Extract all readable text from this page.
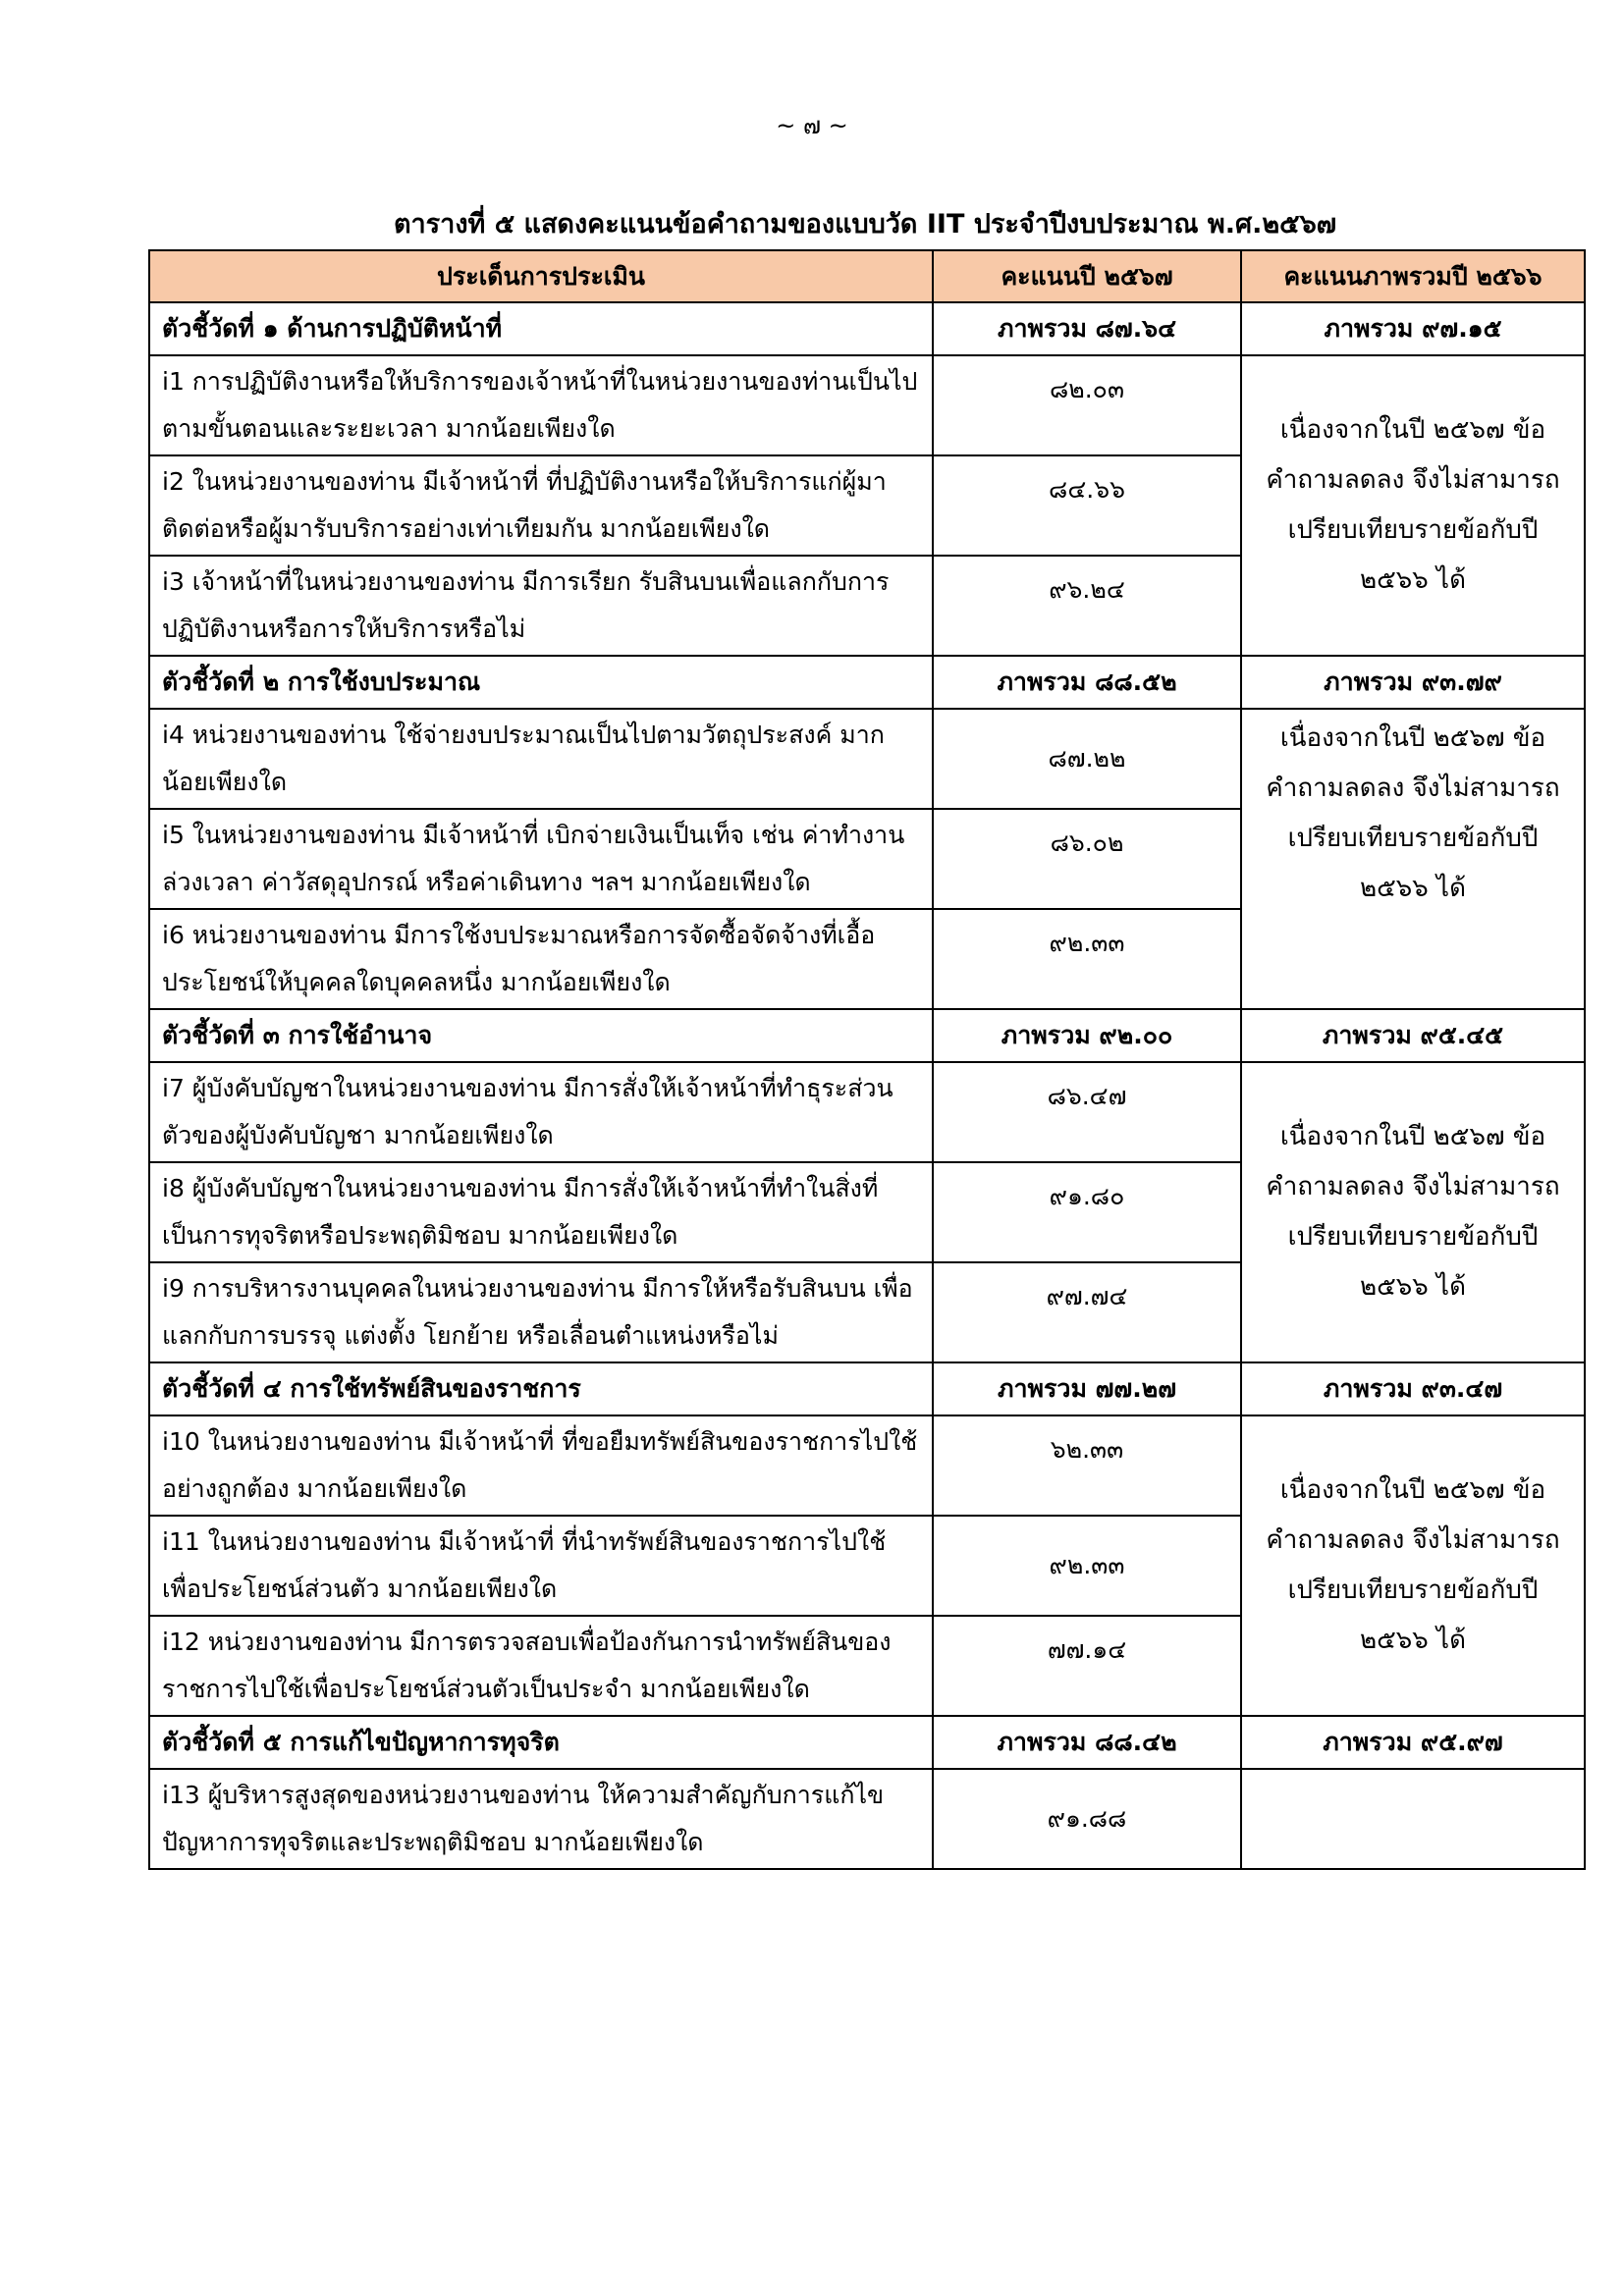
~ ๗ ~
ตารางที่ ๕ แสดงคะแนนข้อคำถามของแบบวัด IIT ประจำปีงบประมาณ พ.ศ.๒๕๖๗
ประเด็นการประเมิน	คะแนนปี ๒๕๖๗	คะแนนภาพรวมปี ๒๕๖๖
ตัวชี้วัดที่ ๑ ด้านการปฏิบัติหน้าที่	ภาพรวม ๘๗.๖๔	ภาพรวม ๙๗.๑๕
i1 การปฏิบัติงานหรือให้บริการของเจ้าหน้าที่ในหน่วยงานของท่านเป็นไปตามขั้นตอนและระยะเวลา มากน้อยเพียงใด	๘๒.๐๓	เนื่องจากในปี ๒๕๖๗ ข้อคำถามลดลง จึงไม่สามารถเปรียบเทียบรายข้อกับปี ๒๕๖๖ ได้
i2 ในหน่วยงานของท่าน มีเจ้าหน้าที่ ที่ปฏิบัติงานหรือให้บริการแก่ผู้มาติดต่อหรือผู้มารับบริการอย่างเท่าเทียมกัน มากน้อยเพียงใด	๘๔.๖๖	
i3 เจ้าหน้าที่ในหน่วยงานของท่าน มีการเรียก รับสินบนเพื่อแลกกับการปฏิบัติงานหรือการให้บริการหรือไม่	๙๖.๒๔	
ตัวชี้วัดที่ ๒ การใช้งบประมาณ	ภาพรวม ๘๘.๕๒	ภาพรวม ๙๓.๗๙
i4 หน่วยงานของท่าน ใช้จ่ายงบประมาณเป็นไปตามวัตถุประสงค์ มากน้อยเพียงใด	๘๗.๒๒	เนื่องจากในปี ๒๕๖๗ ข้อคำถามลดลง จึงไม่สามารถเปรียบเทียบรายข้อกับปี ๒๕๖๖ ได้
i5 ในหน่วยงานของท่าน มีเจ้าหน้าที่ เบิกจ่ายเงินเป็นเท็จ เช่น ค่าทำงานล่วงเวลา ค่าวัสดุอุปกรณ์ หรือค่าเดินทาง ฯลฯ มากน้อยเพียงใด	๘๖.๐๒	
i6 หน่วยงานของท่าน มีการใช้งบประมาณหรือการจัดซื้อจัดจ้างที่เอื้อประโยชน์ให้บุคคลใดบุคคลหนึ่ง มากน้อยเพียงใด	๙๒.๓๓	
ตัวชี้วัดที่ ๓ การใช้อำนาจ	ภาพรวม ๙๒.๐๐	ภาพรวม ๙๕.๔๕
i7 ผู้บังคับบัญชาในหน่วยงานของท่าน มีการสั่งให้เจ้าหน้าที่ทำธุระส่วนตัวของผู้บังคับบัญชา มากน้อยเพียงใด	๘๖.๔๗	เนื่องจากในปี ๒๕๖๗ ข้อคำถามลดลง จึงไม่สามารถเปรียบเทียบรายข้อกับปี ๒๕๖๖ ได้
i8 ผู้บังคับบัญชาในหน่วยงานของท่าน มีการสั่งให้เจ้าหน้าที่ทำในสิ่งที่เป็นการทุจริตหรือประพฤติมิชอบ มากน้อยเพียงใด	๙๑.๘๐	
i9 การบริหารงานบุคคลในหน่วยงานของท่าน มีการให้หรือรับสินบน เพื่อแลกกับการบรรจุ แต่งตั้ง โยกย้าย หรือเลื่อนตำแหน่งหรือไม่	๙๗.๗๔	
ตัวชี้วัดที่ ๔ การใช้ทรัพย์สินของราชการ	ภาพรวม ๗๗.๒๗	ภาพรวม ๙๓.๔๗
i10 ในหน่วยงานของท่าน มีเจ้าหน้าที่ ที่ขอยืมทรัพย์สินของราชการไปใช้อย่างถูกต้อง มากน้อยเพียงใด	๖๒.๓๓	เนื่องจากในปี ๒๕๖๗ ข้อคำถามลดลง จึงไม่สามารถเปรียบเทียบรายข้อกับปี ๒๕๖๖ ได้
i11 ในหน่วยงานของท่าน มีเจ้าหน้าที่ ที่นำทรัพย์สินของราชการไปใช้เพื่อประโยชน์ส่วนตัว มากน้อยเพียงใด	๙๒.๓๓	
i12 หน่วยงานของท่าน มีการตรวจสอบเพื่อป้องกันการนำทรัพย์สินของราชการไปใช้เพื่อประโยชน์ส่วนตัวเป็นประจำ มากน้อยเพียงใด	๗๗.๑๔	
ตัวชี้วัดที่ ๕ การแก้ไขปัญหาการทุจริต	ภาพรวม ๘๘.๔๒	ภาพรวม ๙๕.๙๗
i13 ผู้บริหารสูงสุดของหน่วยงานของท่าน ให้ความสำคัญกับการแก้ไขปัญหาการทุจริตและประพฤติมิชอบ มากน้อยเพียงใด	๙๑.๘๘	
